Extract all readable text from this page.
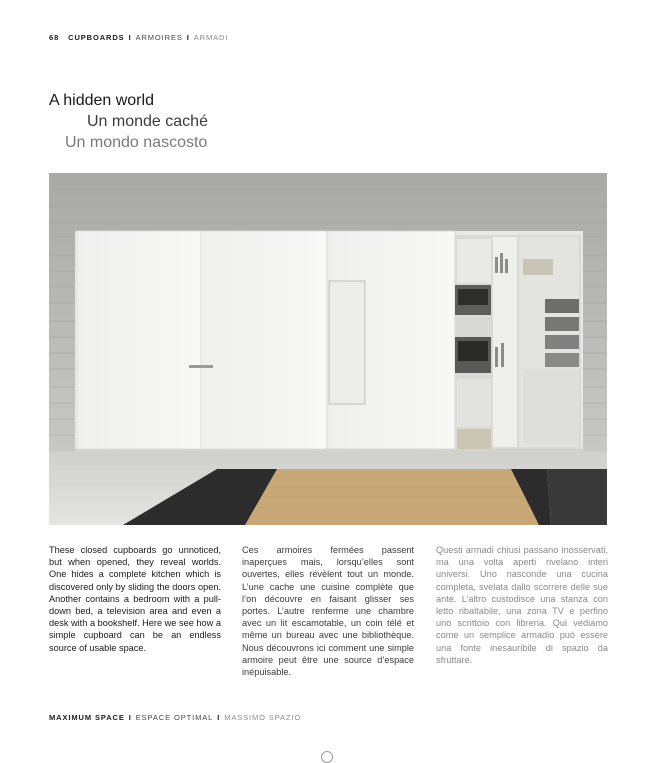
68 CUPBOARDS I ARMOIRES I ARMADI
A hidden world
Un monde caché
Un mondo nascosto
These closed cupboards go unnoticed, but when opened, they reveal worlds. One hides a complete kitchen which is discovered only by sliding the doors open. Another contains a bedroom with a pull-down bed, a television area and even a desk with a bookshelf. Here we see how a simple cupboard can be an endless source of usable space.
Ces armoires fermées passent inaperçues mais, lorsqu’elles sont ouvertes, elles révèlent tout un monde. L’une cache une cuisine complète que l’on découvre en faisant glisser ses portes. L’autre renferme une chambre avec un lit escamotable, un coin télé et même un bureau avec une bibliothèque. Nous découvrons ici comment une simple armoire peut être une source d’espace inépuisable.
Questi armadi chiusi passano inosservati, ma una volta aperti rivelano interi universi. Uno nasconde una cucina completa, svelata dallo scorrere delle sue ante. L’altro custodisce una stanza con letto ribaltabile, una zona TV e perfino uno scrittoio con libreria. Qui vediamo come un semplice armadio può essere una fonte inesauribile di spazio da sfruttare.
MAXIMUM SPACE I ESPACE OPTIMAL I MASSIMO SPAZIO
